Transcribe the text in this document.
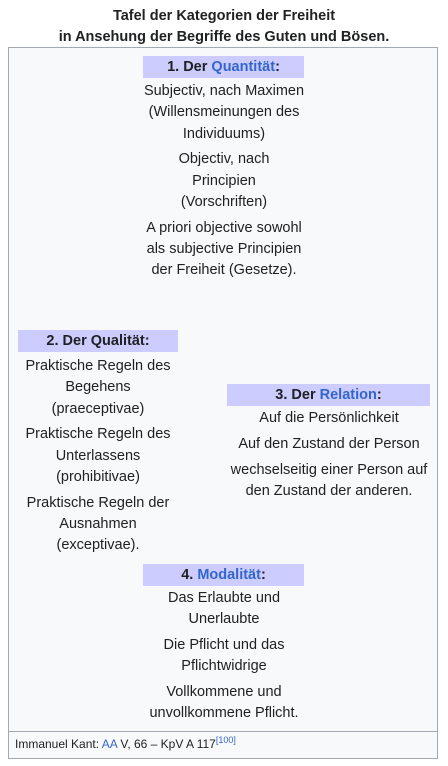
Tafel der Kategorien der Freiheit
in Ansehung der Begriffe des Guten und Bösen.
1. Der Quantität:
Subjectiv, nach Maximen (Willensmeinungen des Individuums)
Objectiv, nach Principien (Vorschriften)
A priori objective sowohl als subjective Principien der Freiheit (Gesetze).
2. Der Qualität:
Praktische Regeln des Begehens (praeceptivae)
Praktische Regeln des Unterlassens (prohibitivae)
Praktische Regeln der Ausnahmen (exceptivae).
3. Der Relation:
Auf die Persönlichkeit
Auf den Zustand der Person
wechselseitig einer Person auf den Zustand der anderen.
4. Modalität:
Das Erlaubte und Unerlaubte
Die Pflicht und das Pflichtwidrige
Vollkommene und unvollkommene Pflicht.
Immanuel Kant: AA V, 66 – KpV A 117[100]
